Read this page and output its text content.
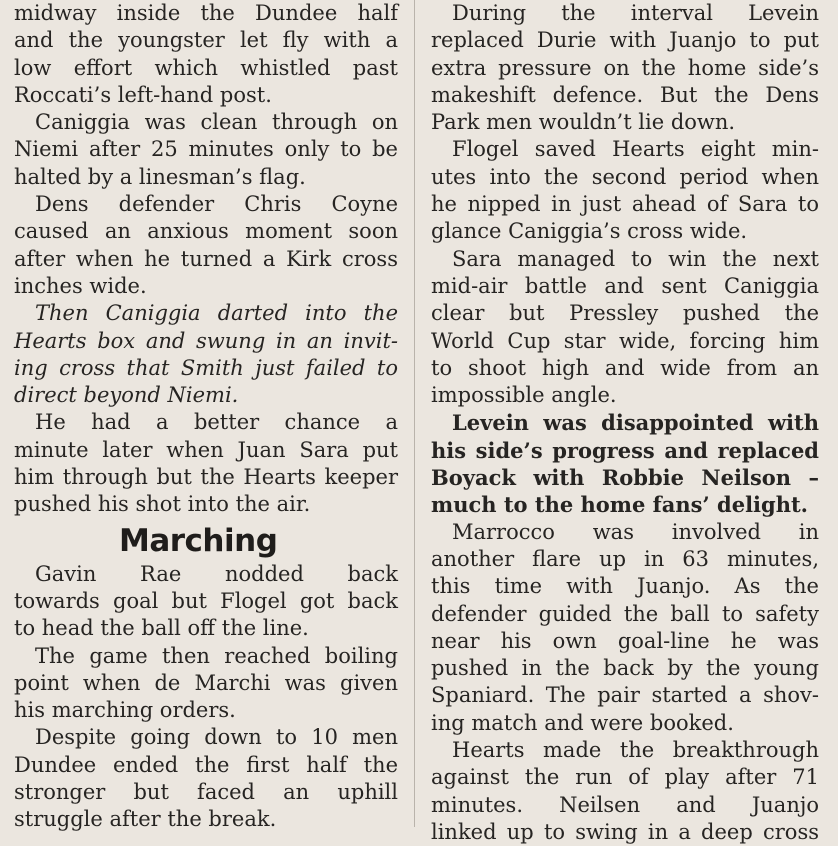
midway inside the Dundee half
and the youngster let fly with a
low effort which whistled past
Roccati’s left-hand post.
Caniggia was clean through on
Niemi after 25 minutes only to be
halted by a linesman’s flag.
Dens defender Chris Coyne
caused an anxious moment soon
after when he turned a Kirk cross
inches wide.
Then Caniggia darted into the
Hearts box and swung in an invit-
ing cross that Smith just failed to
direct beyond Niemi.
He had a better chance a
minute later when Juan Sara put
him through but the Hearts keeper
pushed his shot into the air.
Marching
Gavin Rae nodded back
towards goal but Flogel got back
to head the ball off the line.
The game then reached boiling
point when de Marchi was given
his marching orders.
Despite going down to 10 men
Dundee ended the first half the
stronger but faced an uphill
struggle after the break.
During the interval Levein
replaced Durie with Juanjo to put
extra pressure on the home side’s
makeshift defence. But the Dens
Park men wouldn’t lie down.
Flogel saved Hearts eight min-
utes into the second period when
he nipped in just ahead of Sara to
glance Caniggia’s cross wide.
Sara managed to win the next
mid-air battle and sent Caniggia
clear but Pressley pushed the
World Cup star wide, forcing him
to shoot high and wide from an
impossible angle.
Levein was disappointed with
his side’s progress and replaced
Boyack with Robbie Neilson –
much to the home fans’ delight.
Marrocco was involved in
another flare up in 63 minutes,
this time with Juanjo. As the
defender guided the ball to safety
near his own goal-line he was
pushed in the back by the young
Spaniard. The pair started a shov-
ing match and were booked.
Hearts made the breakthrough
against the run of play after 71
minutes. Neilsen and Juanjo
linked up to swing in a deep cross
